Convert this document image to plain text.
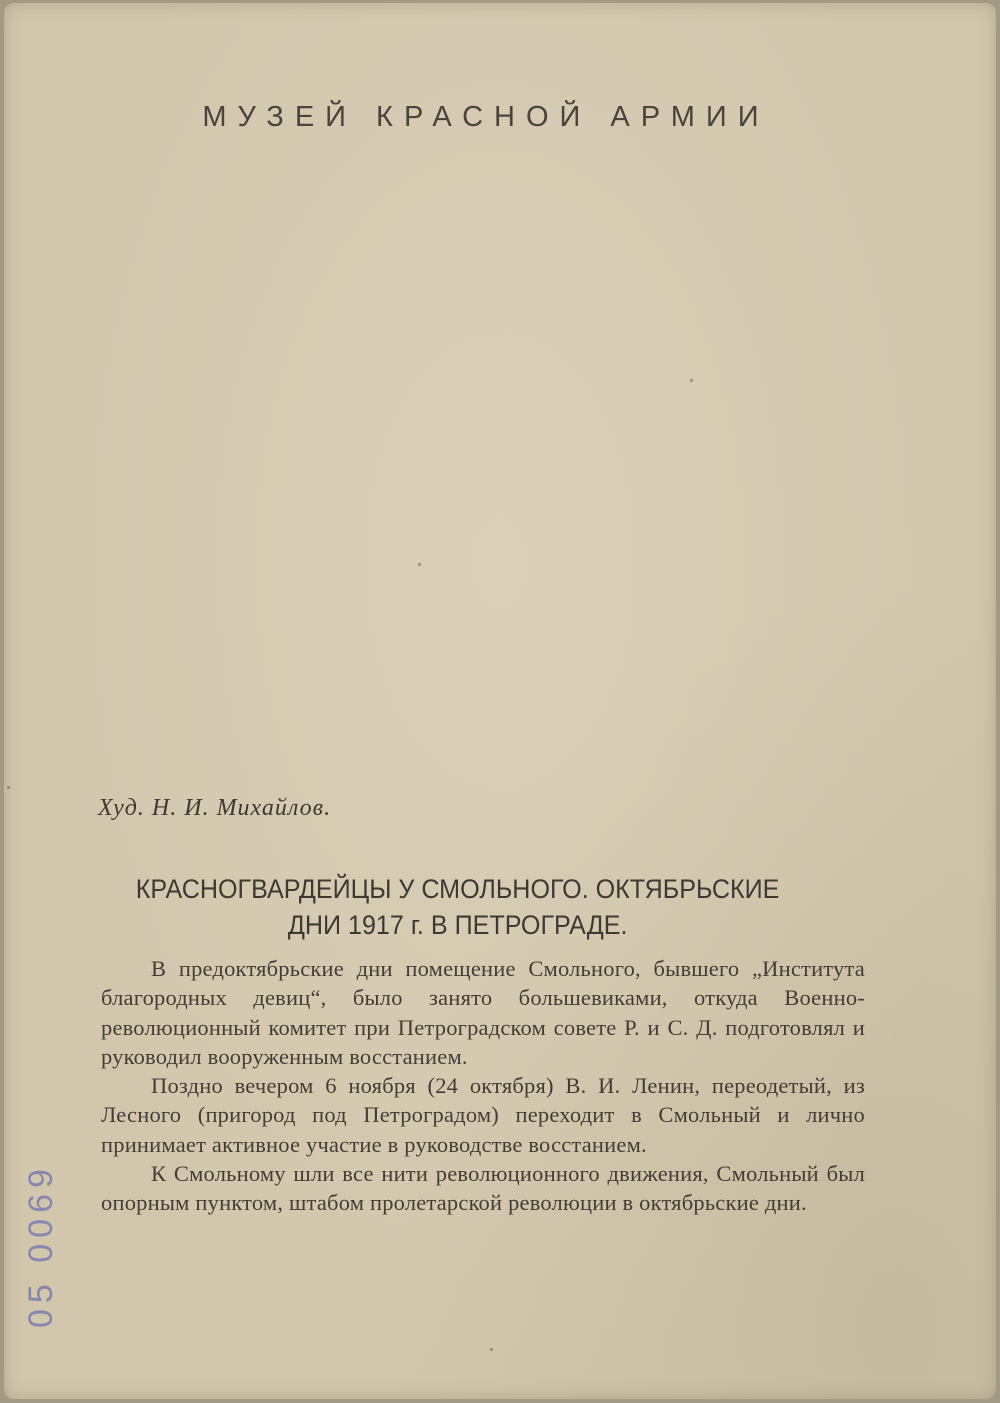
МУЗЕЙ КРАСНОЙ АРМИИ
Худ. Н. И. Михайлов.
КРАСНОГВАРДЕЙЦЫ У СМОЛЬНОГО. ОКТЯБРЬСКИЕ
ДНИ 1917 г. В ПЕТРОГРАДЕ.

В предоктябрьские дни помещение Смольного, бывшего „Института благородных девиц“, было занято большевиками, откуда Военно-революционный комитет при Петроградском совете Р. и С. Д. подготовлял и руководил вооруженным восстанием.

Поздно вечером 6 ноября (24 октября) В. И. Ленин, переодетый, из Лесного (пригород под Петроградом) переходит в Смольный и лично принимает активное участие в руководстве восстанием.

К Смольному шли все нити революционного движения, Смольный был опорным пунктом, штабом пролетарской революции в октябрьские дни.

05 0069
